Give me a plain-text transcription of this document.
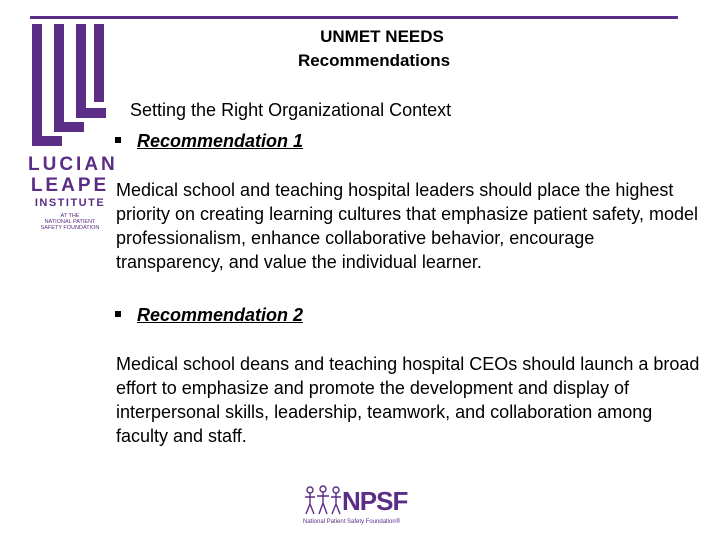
LUCIAN
LEAPE
INSTITUTE
AT THE
NATIONAL PATIENT
SAFETY FOUNDATION
UNMET NEEDS
Recommendations
Setting the Right Organizational Context
Recommendation 1
Medical school and teaching hospital leaders should place the highest priority on creating learning cultures that emphasize patient safety, model professionalism, enhance collaborative behavior, encourage transparency, and value the individual learner.
Recommendation 2
Medical school deans and teaching hospital CEOs should launch a broad effort to emphasize and promote the development and display of interpersonal skills, leadership, teamwork, and collaboration among faculty and staff.
NPSF
National Patient Safety Foundation®
